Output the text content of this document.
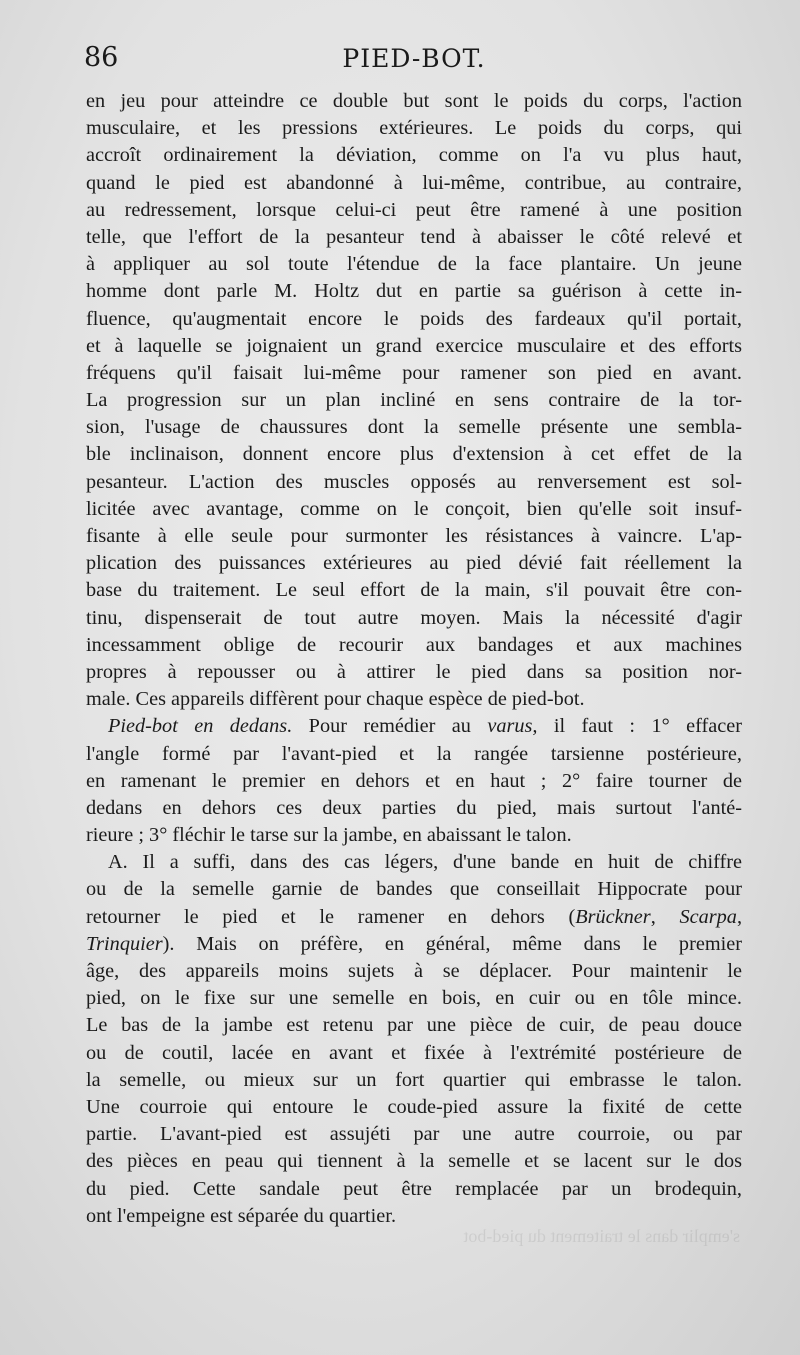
86	PIED-BOT.
en jeu pour atteindre ce double but sont le poids du corps, l'action
musculaire, et les pressions extérieures. Le poids du corps, qui
accroît ordinairement la déviation, comme on l'a vu plus haut,
quand le pied est abandonné à lui-même, contribue, au contraire,
au redressement, lorsque celui-ci peut être ramené à une position
telle, que l'effort de la pesanteur tend à abaisser le côté relevé et
à appliquer au sol toute l'étendue de la face plantaire. Un jeune
homme dont parle M. Holtz dut en partie sa guérison à cette in-
fluence, qu'augmentait encore le poids des fardeaux qu'il portait,
et à laquelle se joignaient un grand exercice musculaire et des efforts
fréquens qu'il faisait lui-même pour ramener son pied en avant.
La progression sur un plan incliné en sens contraire de la tor-
sion, l'usage de chaussures dont la semelle présente une sembla-
ble inclinaison, donnent encore plus d'extension à cet effet de la
pesanteur. L'action des muscles opposés au renversement est sol-
licitée avec avantage, comme on le conçoit, bien qu'elle soit insuf-
fisante à elle seule pour surmonter les résistances à vaincre. L'ap-
plication des puissances extérieures au pied dévié fait réellement la
base du traitement. Le seul effort de la main, s'il pouvait être con-
tinu, dispenserait de tout autre moyen. Mais la nécessité d'agir
incessamment oblige de recourir aux bandages et aux machines
propres à repousser ou à attirer le pied dans sa position nor-
male. Ces appareils diffèrent pour chaque espèce de pied-bot.
Pied-bot en dedans. Pour remédier au varus, il faut : 1° effacer
l'angle formé par l'avant-pied et la rangée tarsienne postérieure,
en ramenant le premier en dehors et en haut ; 2° faire tourner de
dedans en dehors ces deux parties du pied, mais surtout l'anté-
rieure ; 3° fléchir le tarse sur la jambe, en abaissant le talon.
A. Il a suffi, dans des cas légers, d'une bande en huit de chiffre
ou de la semelle garnie de bandes que conseillait Hippocrate pour
retourner le pied et le ramener en dehors (Brückner, Scarpa,
Trinquier). Mais on préfère, en général, même dans le premier
âge, des appareils moins sujets à se déplacer. Pour maintenir le
pied, on le fixe sur une semelle en bois, en cuir ou en tôle mince.
Le bas de la jambe est retenu par une pièce de cuir, de peau douce
ou de coutil, lacée en avant et fixée à l'extrémité postérieure de
la semelle, ou mieux sur un fort quartier qui embrasse le talon.
Une courroie qui entoure le coude-pied assure la fixité de cette
partie. L'avant-pied est assujéti par une autre courroie, ou par
des pièces en peau qui tiennent à la semelle et se lacent sur le dos
du pied. Cette sandale peut être remplacée par un brodequin,
ont l'empeigne est séparée du quartier.
s'emplir dans le traitement du pied-bot
